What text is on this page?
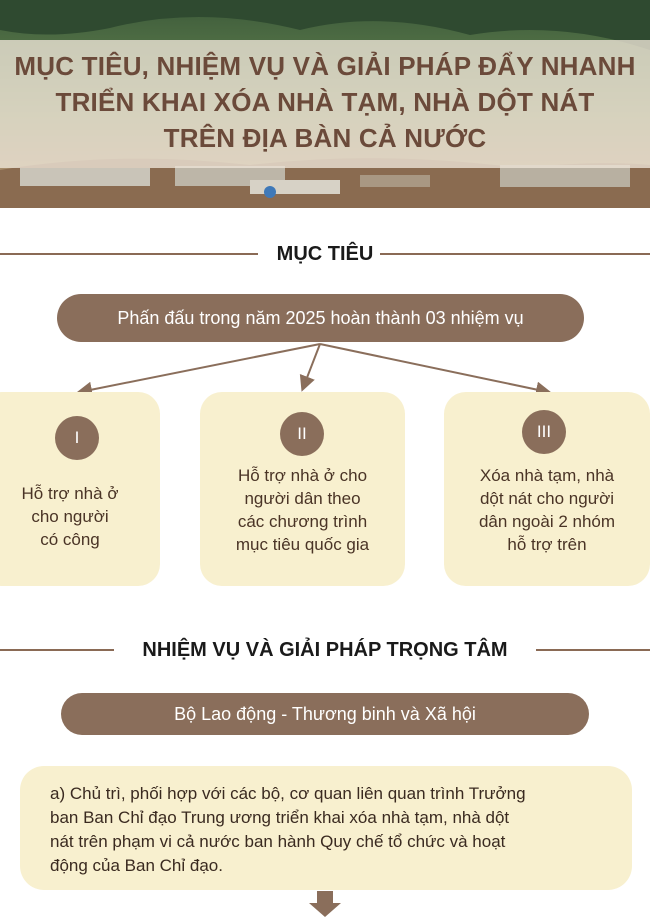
MỤC TIÊU, NHIỆM VỤ VÀ GIẢI PHÁP ĐẨY NHANH
TRIỂN KHAI XÓA NHÀ TẠM, NHÀ DỘT NÁT
TRÊN ĐỊA BÀN CẢ NƯỚC
MỤC TIÊU
Phấn đấu trong năm 2025 hoàn thành 03 nhiệm vụ
I
Hỗ trợ nhà ở
cho người
có công
II
Hỗ trợ nhà ở cho
người dân theo
các chương trình
mục tiêu quốc gia
III
Xóa nhà tạm, nhà
dột nát cho người
dân ngoài 2 nhóm
hỗ trợ trên
NHIỆM VỤ VÀ GIẢI PHÁP TRỌNG TÂM
Bộ Lao động - Thương binh và Xã hội
a) Chủ trì, phối hợp với các bộ, cơ quan liên quan trình Trưởng
ban Ban Chỉ đạo Trung ương triển khai xóa nhà tạm, nhà dột
nát trên phạm vi cả nước ban hành Quy chế tổ chức và hoạt
động của Ban Chỉ đạo.
